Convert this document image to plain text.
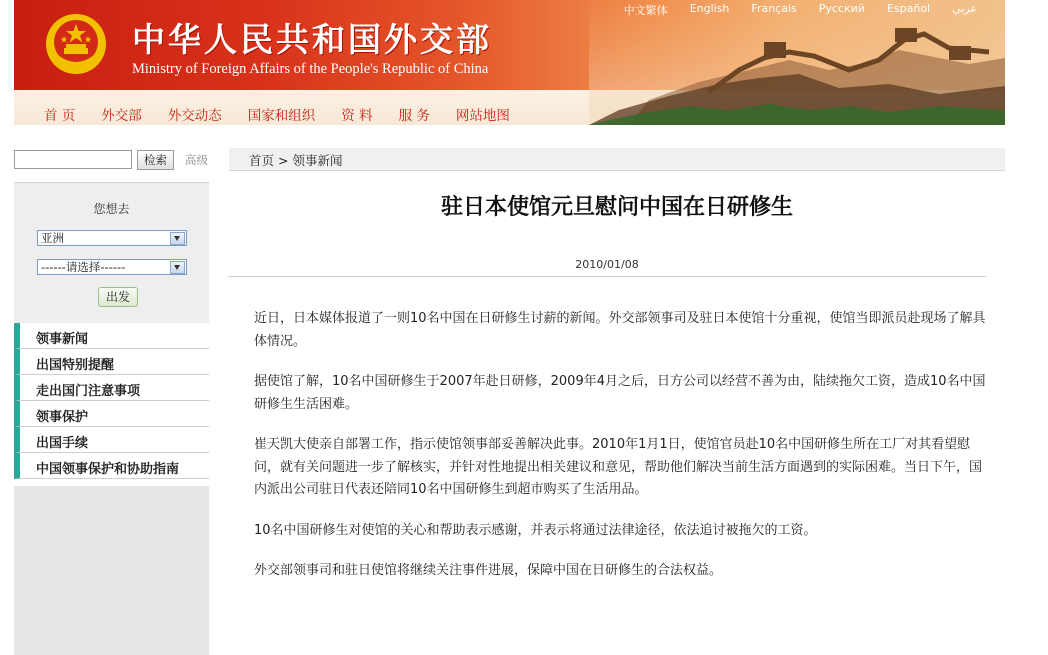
中文繁体 English Français Русский Español عربي
中华人民共和国外交部
Ministry of Foreign Affairs of the People's Republic of China
首 页 外交部 外交动态 国家和组织 资 料 服 务 网站地图
检索	高级
您想去
亚洲
------请选择------
出发
领事新闻
出国特别提醒
走出国门注意事项
领事保护
出国手续
中国领事保护和协助指南
首页 > 领事新闻
驻日本使馆元旦慰问中国在日研修生
2010/01/08

近日，日本媒体报道了一则10名中国在日研修生讨薪的新闻。外交部领事司及驻日本使馆十分重视，使馆当即派员赴现场了解具体情况。

据使馆了解，10名中国研修生于2007年赴日研修，2009年4月之后，日方公司以经营不善为由，陆续拖欠工资，造成10名中国研修生生活困难。

崔天凯大使亲自部署工作，指示使馆领事部妥善解决此事。2010年1月1日，使馆官员赴10名中国研修生所在工厂对其看望慰问，就有关问题进一步了解核实，并针对性地提出相关建议和意见，帮助他们解决当前生活方面遇到的实际困难。当日下午，国内派出公司驻日代表还陪同10名中国研修生到超市购买了生活用品。

10名中国研修生对使馆的关心和帮助表示感谢，并表示将通过法律途径，依法追讨被拖欠的工资。

外交部领事司和驻日使馆将继续关注事件进展，保障中国在日研修生的合法权益。
